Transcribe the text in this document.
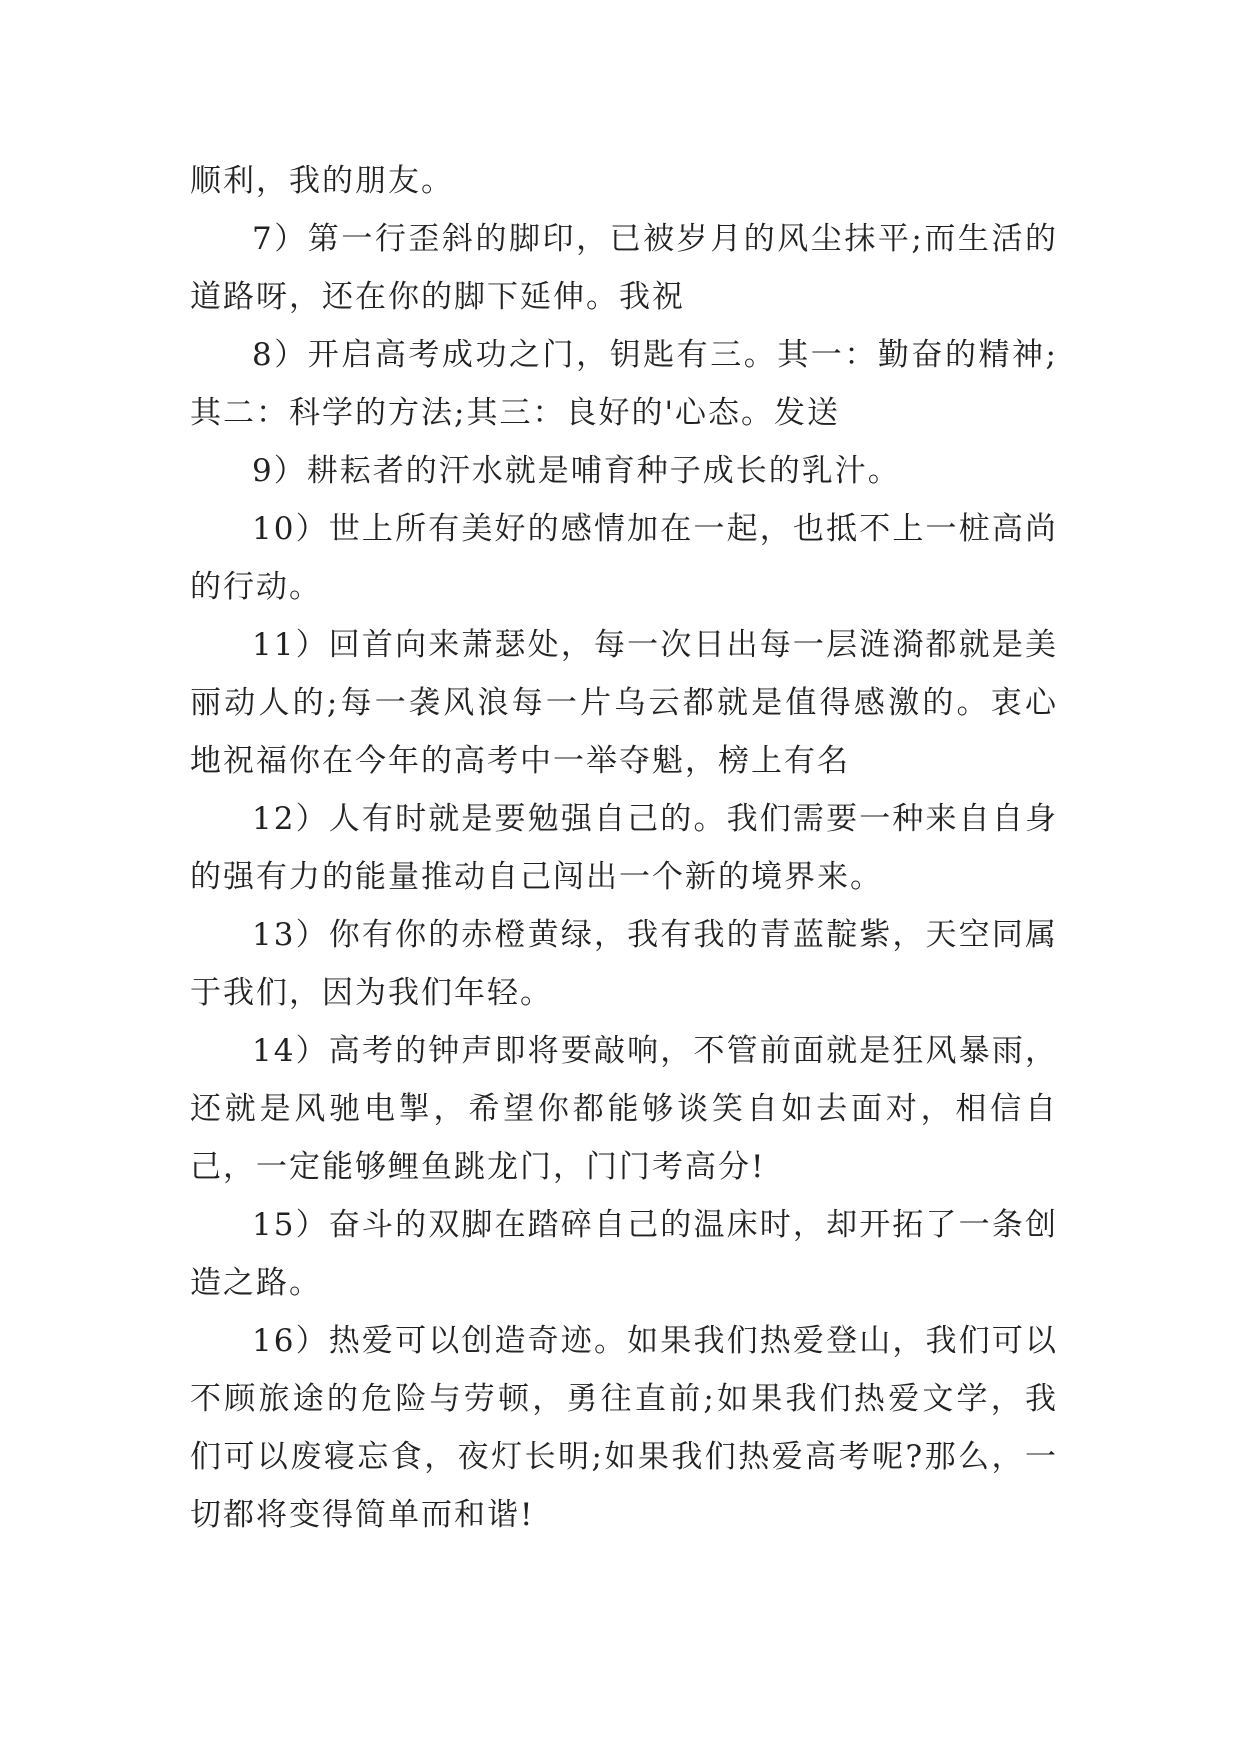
顺利，我的朋友。

7）第一行歪斜的脚印，已被岁月的风尘抹平;而生活的道路呀，还在你的脚下延伸。我祝

8）开启高考成功之门，钥匙有三。其一：勤奋的精神;其二：科学的方法;其三：良好的'心态。发送

9）耕耘者的汗水就是哺育种子成长的乳汁。

10）世上所有美好的感情加在一起，也抵不上一桩高尚的行动。

11）回首向来萧瑟处，每一次日出每一层涟漪都就是美丽动人的;每一袭风浪每一片乌云都就是值得感激的。衷心地祝福你在今年的高考中一举夺魁，榜上有名

12）人有时就是要勉强自己的。我们需要一种来自自身的强有力的能量推动自己闯出一个新的境界来。

13）你有你的赤橙黄绿，我有我的青蓝靛紫，天空同属于我们，因为我们年轻。

14）高考的钟声即将要敲响，不管前面就是狂风暴雨，还就是风驰电掣，希望你都能够谈笑自如去面对，相信自己，一定能够鲤鱼跳龙门，门门考高分!

15）奋斗的双脚在踏碎自己的温床时，却开拓了一条创造之路。

16）热爱可以创造奇迹。如果我们热爱登山，我们可以不顾旅途的危险与劳顿，勇往直前;如果我们热爱文学，我们可以废寝忘食，夜灯长明;如果我们热爱高考呢?那么，一切都将变得简单而和谐!
